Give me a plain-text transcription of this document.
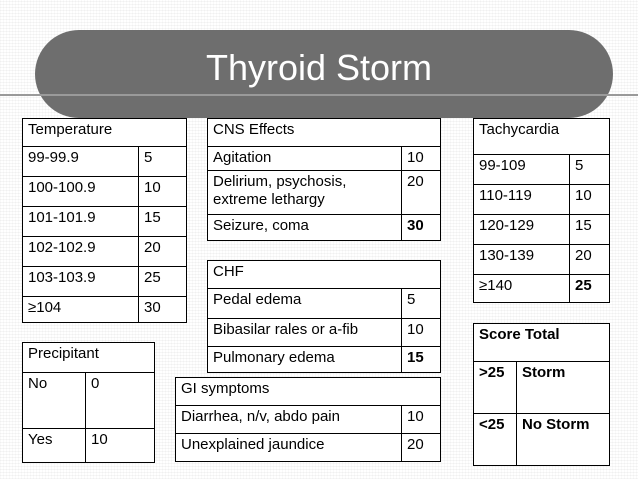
Thyroid Storm
Temperature	
99-99.9	5
100-100.9	10
101-101.9	15
102-102.9	20
103-103.9	25
≥104	30
CNS Effects	
Agitation	10
Delirium, psychosis, extreme lethargy	20
Seizure, coma	30
Tachycardia	
99-109	5
110-119	10
120-129	15
130-139	20
≥140	25
CHF	
Pedal edema	5
Bibasilar rales or a-fib	10
Pulmonary edema	15
Precipitant	
No	0
Yes	10
GI symptoms	
Diarrhea, n/v, abdo pain	10
Unexplained jaundice	20
Score Total	
>25	Storm
<25	No Storm
